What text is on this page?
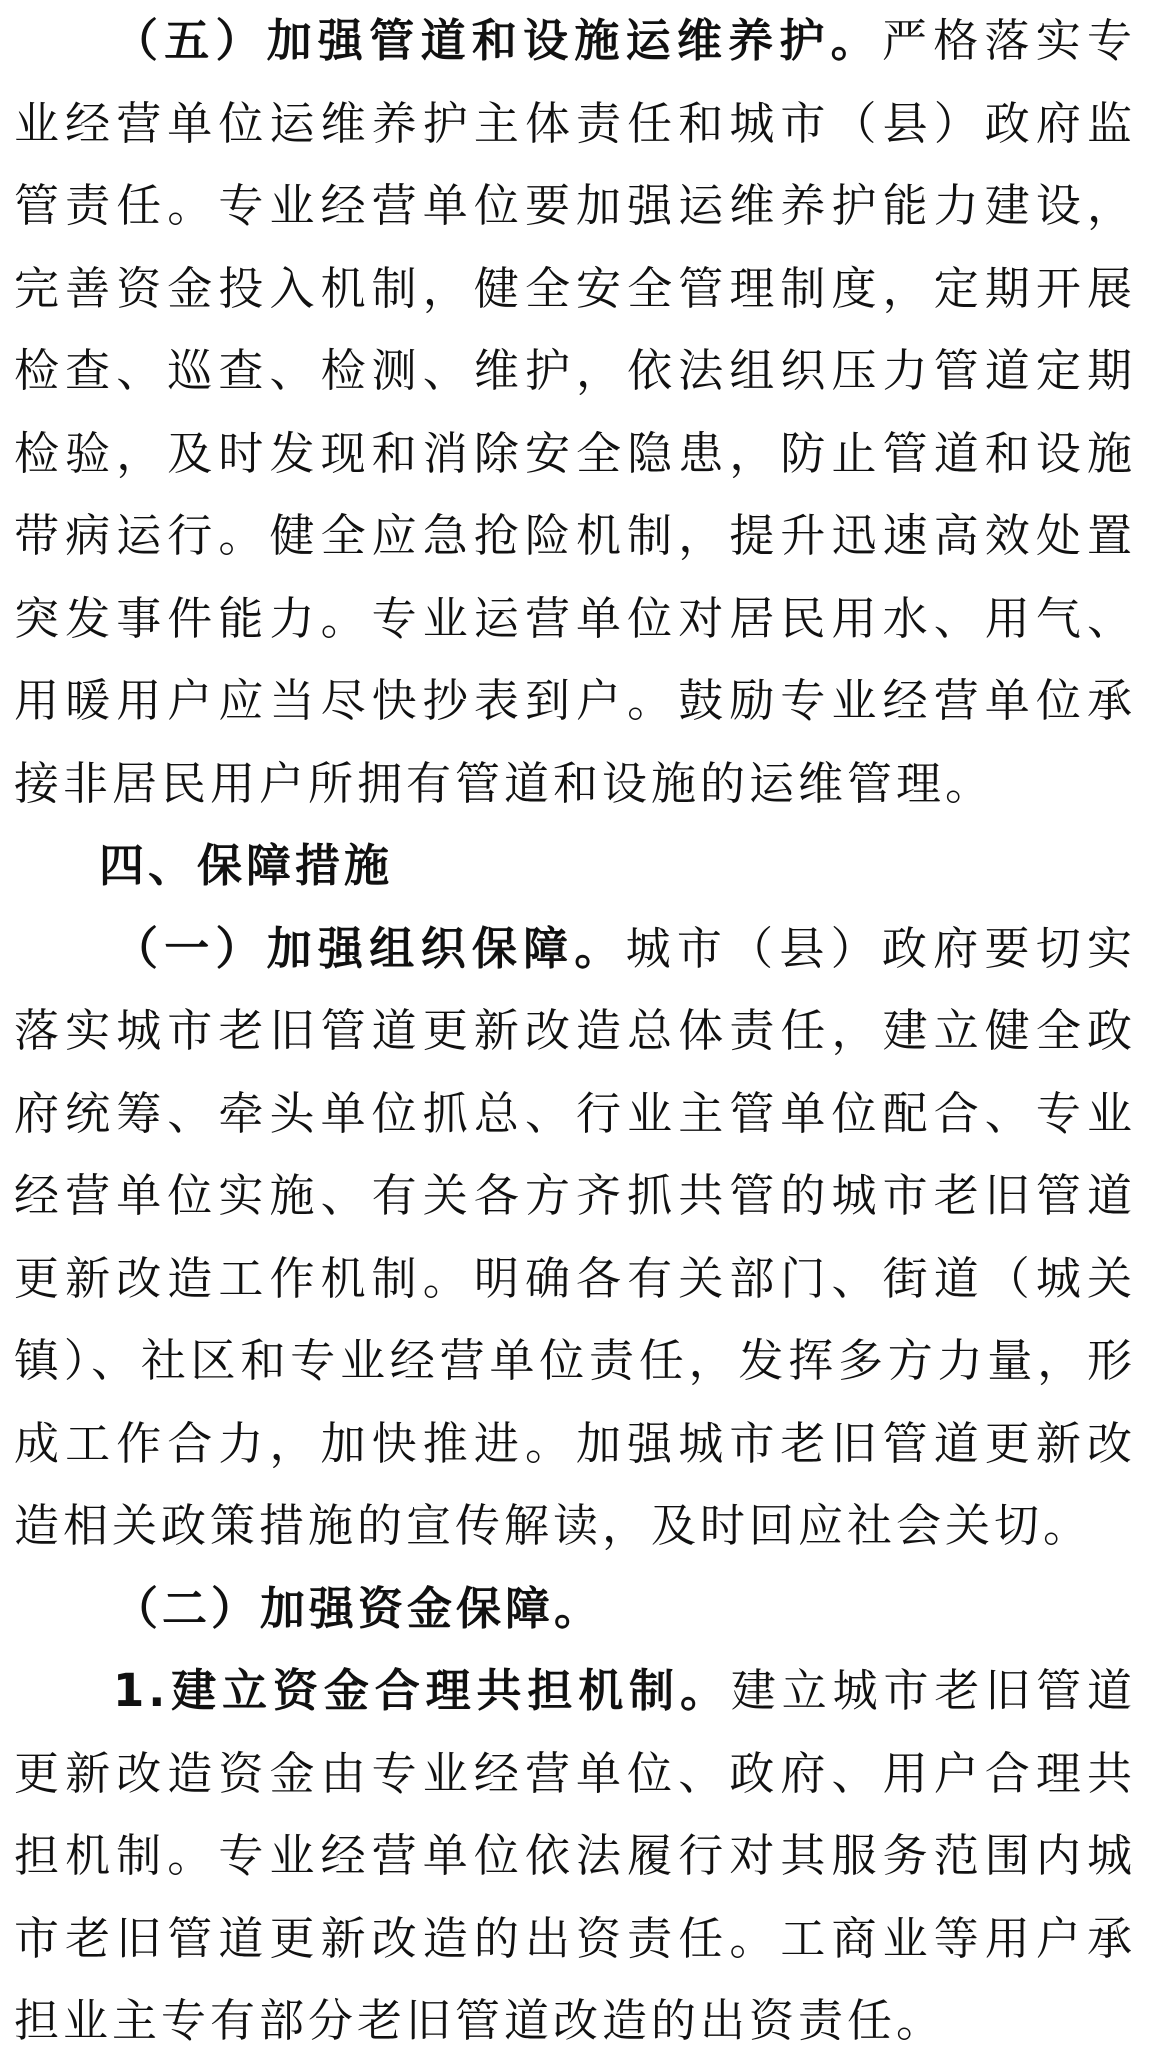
（五）加强管道和设施运维养护。严格落实专业经营单位运维养护主体责任和城市（县）政府监管责任。专业经营单位要加强运维养护能力建设，完善资金投入机制，健全安全管理制度，定期开展检查、巡查、检测、维护，依法组织压力管道定期检验，及时发现和消除安全隐患，防止管道和设施带病运行。健全应急抢险机制，提升迅速高效处置突发事件能力。专业运营单位对居民用水、用气、用暖用户应当尽快抄表到户。鼓励专业经营单位承接非居民用户所拥有管道和设施的运维管理。

四、保障措施

（一）加强组织保障。城市（县）政府要切实落实城市老旧管道更新改造总体责任，建立健全政府统筹、牵头单位抓总、行业主管单位配合、专业经营单位实施、有关各方齐抓共管的城市老旧管道更新改造工作机制。明确各有关部门、街道（城关镇）、社区和专业经营单位责任，发挥多方力量，形成工作合力，加快推进。加强城市老旧管道更新改造相关政策措施的宣传解读，及时回应社会关切。

（二）加强资金保障。

1.建立资金合理共担机制。建立城市老旧管道更新改造资金由专业经营单位、政府、用户合理共担机制。专业经营单位依法履行对其服务范围内城市老旧管道更新改造的出资责任。工商业等用户承担业主专有部分老旧管道改造的出资责任。
